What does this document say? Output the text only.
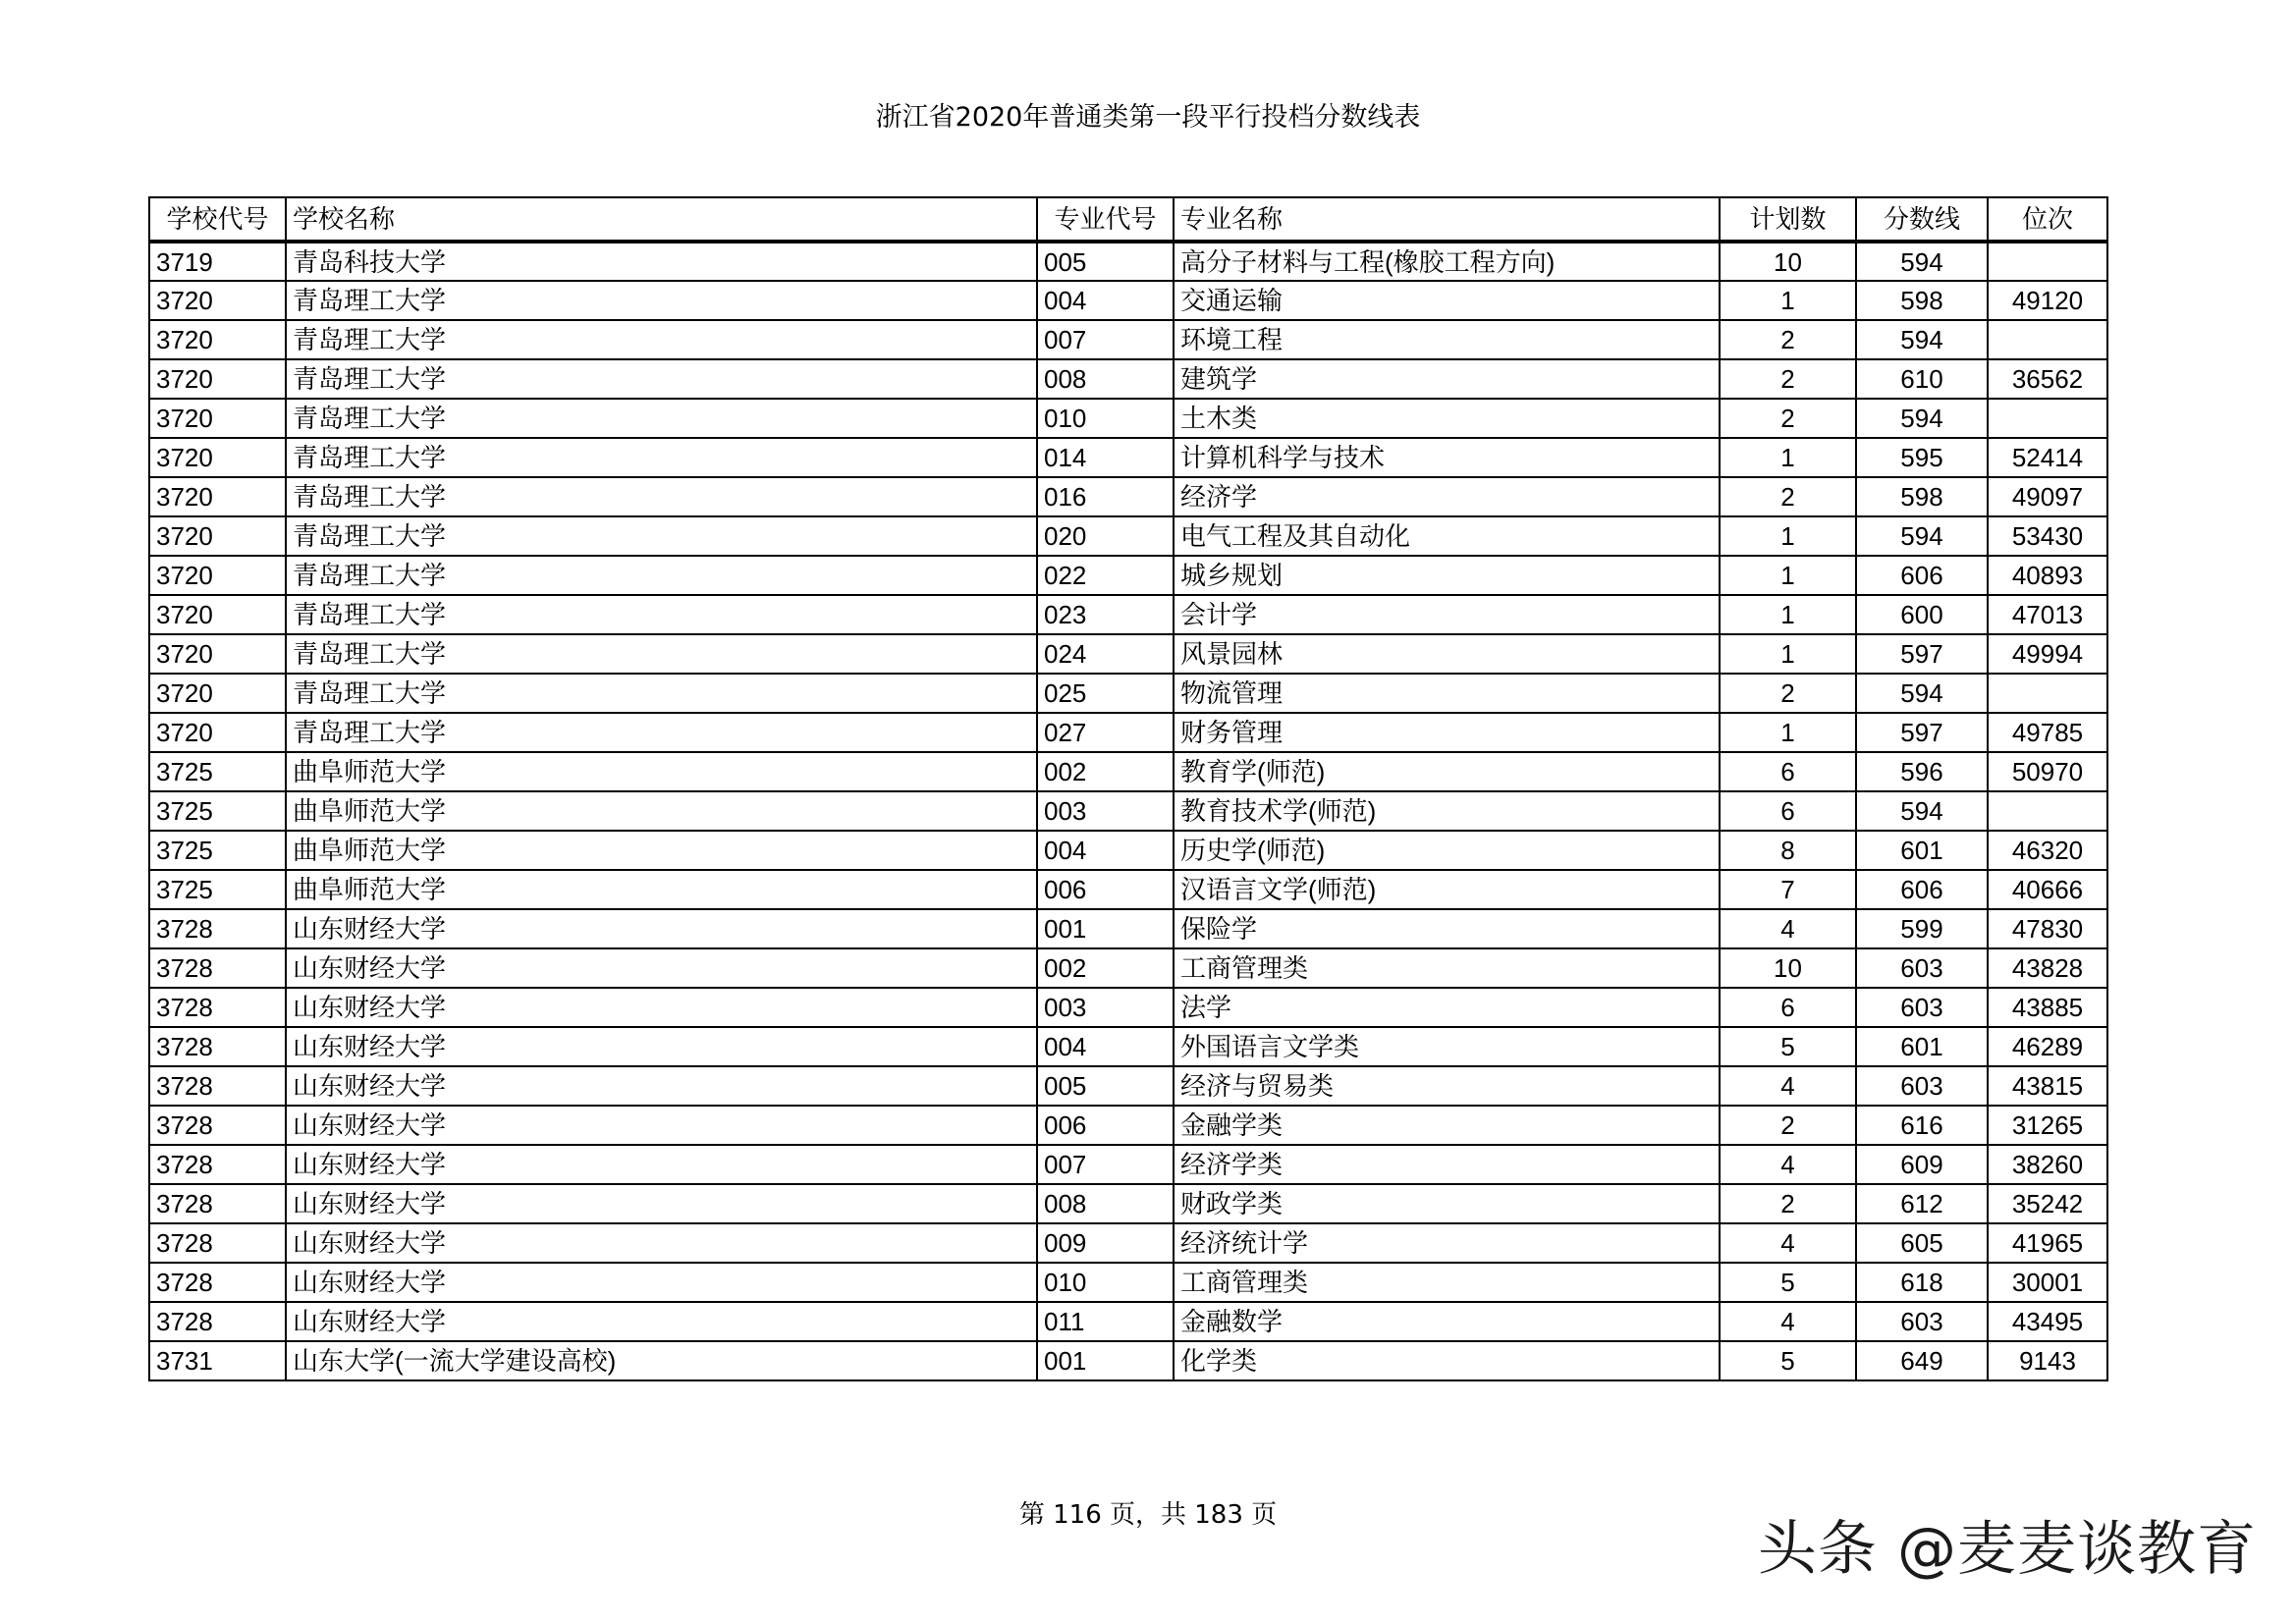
浙江省2020年普通类第一段平行投档分数线表
学校代号	学校名称	专业代号	专业名称	计划数	分数线	位次
3719	青岛科技大学	005	高分子材料与工程(橡胶工程方向)	10	594	
3720	青岛理工大学	004	交通运输	1	598	49120
3720	青岛理工大学	007	环境工程	2	594	
3720	青岛理工大学	008	建筑学	2	610	36562
3720	青岛理工大学	010	土木类	2	594	
3720	青岛理工大学	014	计算机科学与技术	1	595	52414
3720	青岛理工大学	016	经济学	2	598	49097
3720	青岛理工大学	020	电气工程及其自动化	1	594	53430
3720	青岛理工大学	022	城乡规划	1	606	40893
3720	青岛理工大学	023	会计学	1	600	47013
3720	青岛理工大学	024	风景园林	1	597	49994
3720	青岛理工大学	025	物流管理	2	594	
3720	青岛理工大学	027	财务管理	1	597	49785
3725	曲阜师范大学	002	教育学(师范)	6	596	50970
3725	曲阜师范大学	003	教育技术学(师范)	6	594	
3725	曲阜师范大学	004	历史学(师范)	8	601	46320
3725	曲阜师范大学	006	汉语言文学(师范)	7	606	40666
3728	山东财经大学	001	保险学	4	599	47830
3728	山东财经大学	002	工商管理类	10	603	43828
3728	山东财经大学	003	法学	6	603	43885
3728	山东财经大学	004	外国语言文学类	5	601	46289
3728	山东财经大学	005	经济与贸易类	4	603	43815
3728	山东财经大学	006	金融学类	2	616	31265
3728	山东财经大学	007	经济学类	4	609	38260
3728	山东财经大学	008	财政学类	2	612	35242
3728	山东财经大学	009	经济统计学	4	605	41965
3728	山东财经大学	010	工商管理类	5	618	30001
3728	山东财经大学	011	金融数学	4	603	43495
3731	山东大学(一流大学建设高校)	001	化学类	5	649	9143
第 116 页，共 183 页	头条 @麦麦谈教育
